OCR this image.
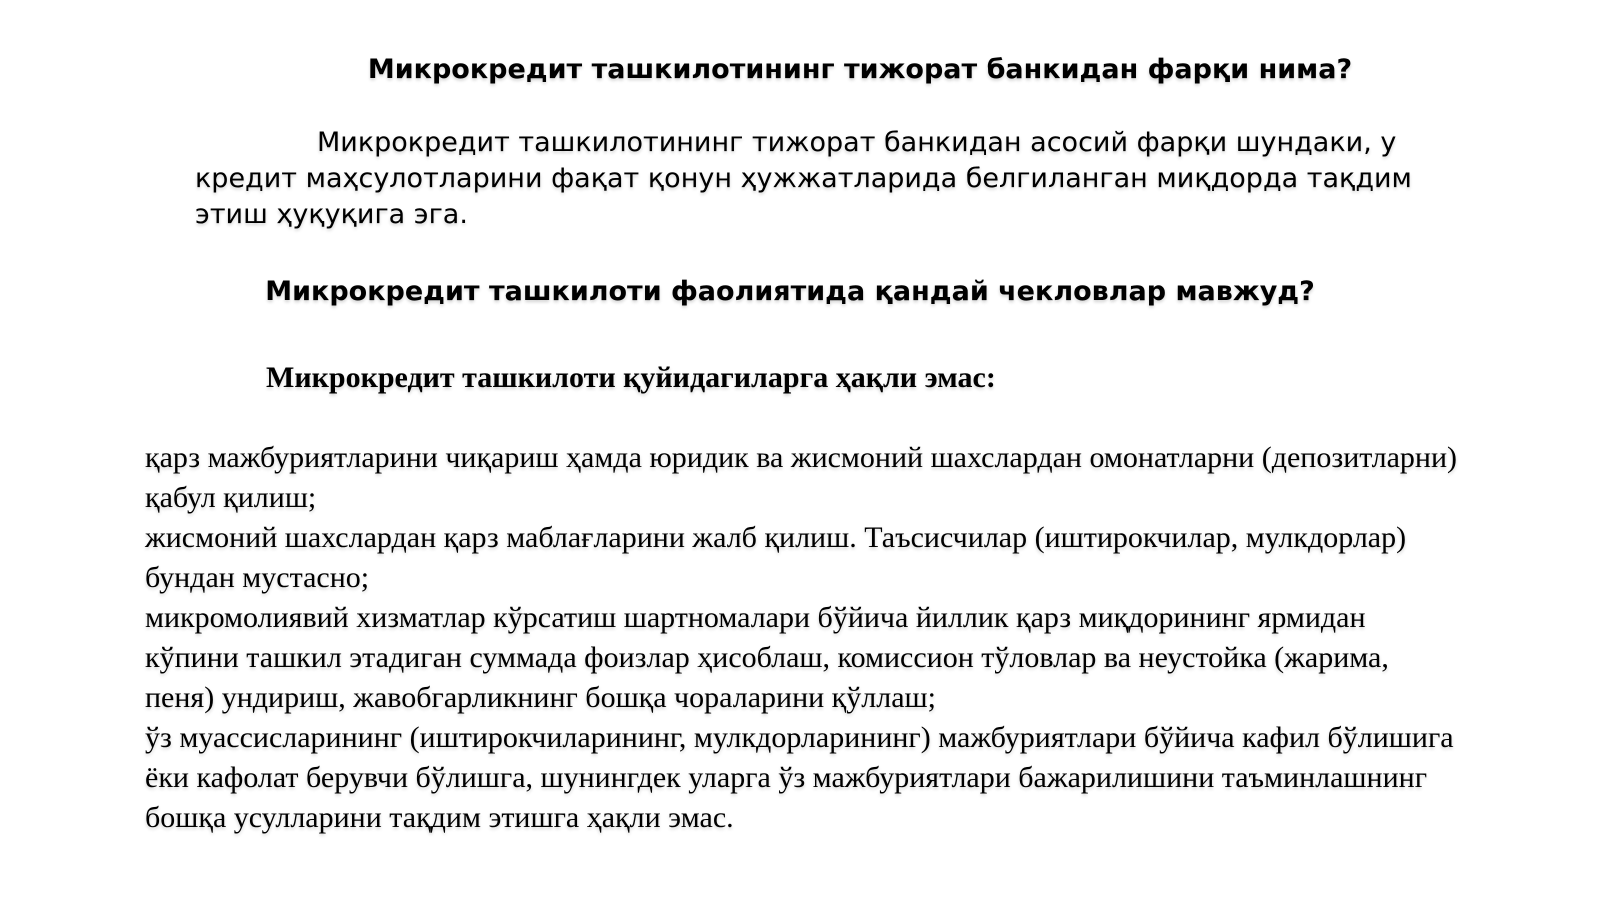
Микрокредит ташкилотининг тижорат банкидан фарқи нима?
Микрокредит ташкилотининг тижорат банкидан асосий фарқи шундаки, у кредит маҳсулотларини фақат қонун ҳужжатларида белгиланган миқдорда тақдим этиш ҳуқуқига эга.
Микрокредит ташкилоти фаолиятида қандай чекловлар мавжуд?
Микрокредит ташкилоти қуйидагиларга ҳақли эмас:

қарз мажбуриятларини чиқариш ҳамда юридик ва жисмоний шахслардан омонатларни (депозитларни) қабул қилиш;

жисмоний шахслардан қарз маблағларини жалб қилиш. Таъсисчилар (иштирокчилар, мулкдорлар) бундан мустасно;

микромолиявий хизматлар кўрсатиш шартномалари бўйича йиллик қарз миқдорининг ярмидан кўпини ташкил этадиган суммада фоизлар ҳисоблаш, комиссион тўловлар ва неустойка (жарима, пеня) ундириш, жавобгарликнинг бошқа чораларини қўллаш;

ўз муассисларининг (иштирокчиларининг, мулкдорларининг) мажбуриятлари бўйича кафил бўлишига ёки кафолат берувчи бўлишга, шунингдек уларга ўз мажбуриятлари бажарилишини таъминлашнинг бошқа усулларини тақдим этишга ҳақли эмас.
